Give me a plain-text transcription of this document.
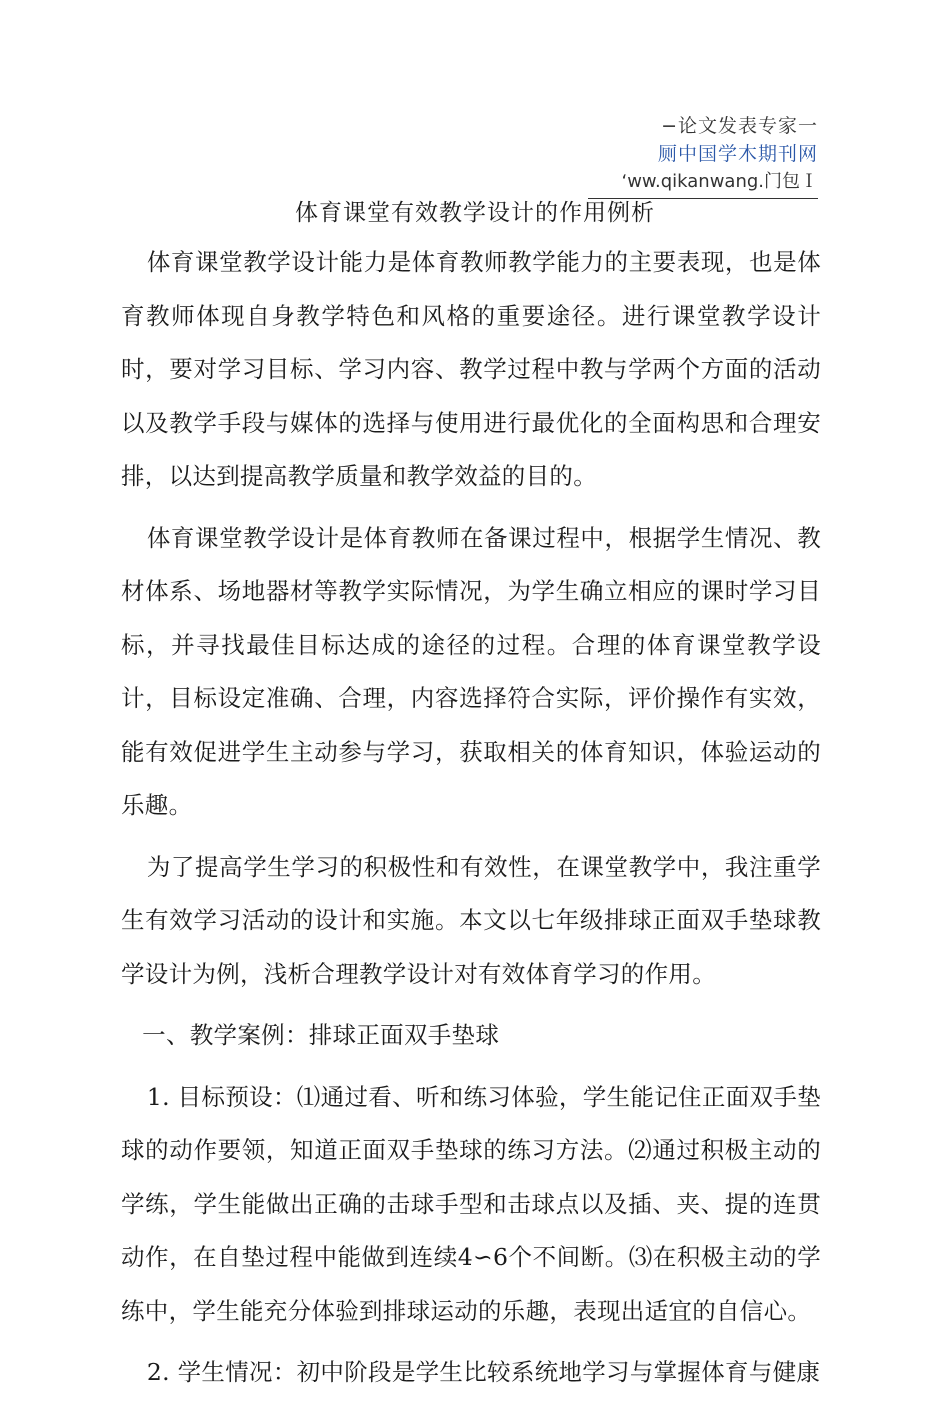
−论文发表专家一
厕中国学木期刊网
ʻww.qikanwang.门包Ｉ
体育课堂有效教学设计的作用例析

体育课堂教学设计能力是体育教师教学能力的主要表现，也是体育教师体现自身教学特色和风格的重要途径。进行课堂教学设计时，要对学习目标、学习内容、教学过程中教与学两个方面的活动以及教学手段与媒体的选择与使用进行最优化的全面构思和合理安排，以达到提高教学质量和教学效益的目的。

体育课堂教学设计是体育教师在备课过程中，根据学生情况、教材体系、场地器材等教学实际情况，为学生确立相应的课时学习目标，并寻找最佳目标达成的途径的过程。合理的体育课堂教学设计，目标设定准确、合理，内容选择符合实际，评价操作有实效，能有效促进学生主动参与学习，获取相关的体育知识，体验运动的乐趣。

为了提高学生学习的积极性和有效性，在课堂教学中，我注重学生有效学习活动的设计和实施。本文以七年级排球正面双手垫球教学设计为例，浅析合理教学设计对有效体育学习的作用。

一、教学案例：排球正面双手垫球

1. 目标预设：⑴通过看、听和练习体验，学生能记住正面双手垫球的动作要领，知道正面双手垫球的练习方法。⑵通过积极主动的学练，学生能做出正确的击球手型和击球点以及插、夹、提的连贯动作，在自垫过程中能做到连续4∽6个不间断。⑶在积极主动的学练中，学生能充分体验到排球运动的乐趣，表现出适宜的自信心。

2. 学生情况：初中阶段是学生比较系统地学习与掌握体育与健康
